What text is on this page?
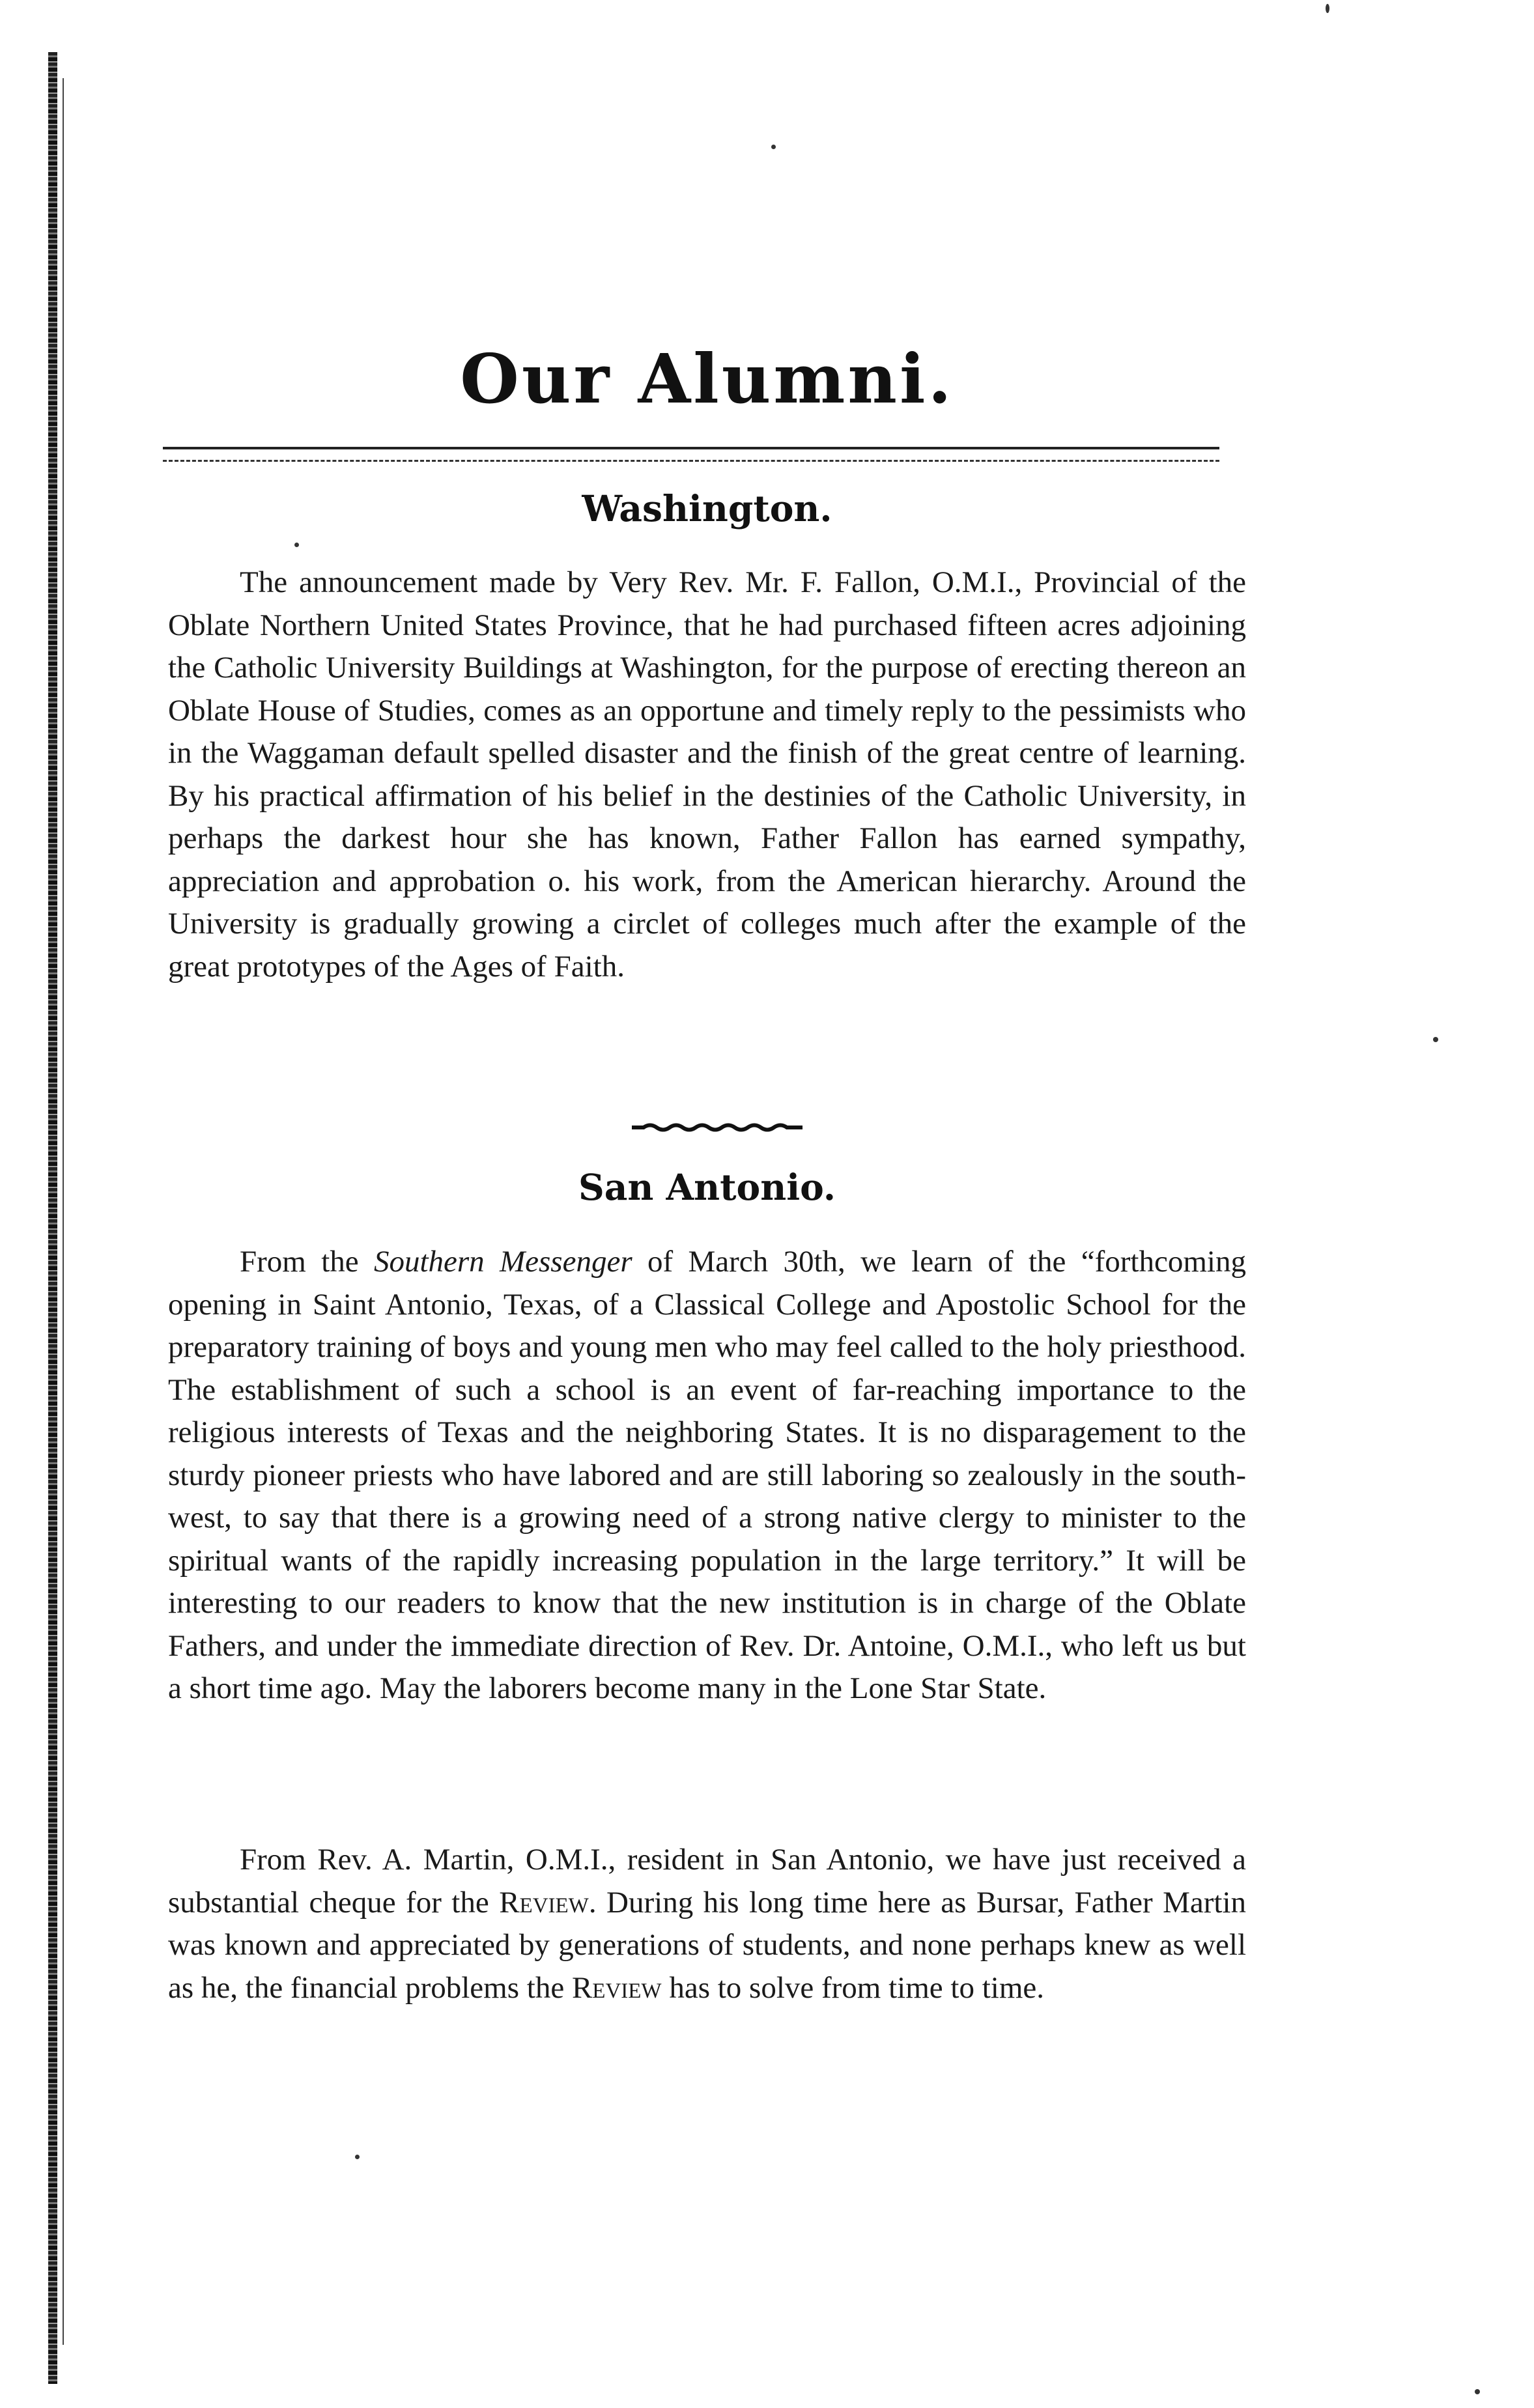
Our Alumni.
Washington.

The announcement made by Very Rev. Mr. F. Fallon, O.M.I., Provincial of the Oblate Northern United States Province, that he had purchased fifteen acres adjoining the Catholic University Buildings at Washington, for the purpose of erecting thereon an Oblate House of Studies, comes as an opportune and timely reply to the pessimists who in the Waggaman default spelled disaster and the finish of the great centre of learning. By his practical affirmation of his belief in the destinies of the Catholic University, in perhaps the darkest hour she has known, Father Fallon has earned sympathy, appreciation and approbation o. his work, from the American hierarchy. Around the University is gradually growing a circlet of colleges much after the example of the great prototypes of the Ages of Faith.

San Antonio.

From the Southern Messenger of March 30th, we learn of the “forthcoming opening in Saint Antonio, Texas, of a Classical College and Apostolic School for the preparatory training of boys and young men who may feel called to the holy priesthood. The establishment of such a school is an event of far-reaching importance to the religious interests of Texas and the neighboring States. It is no disparagement to the sturdy pioneer priests who have labored and are still laboring so zealously in the south-west, to say that there is a growing need of a strong native clergy to minister to the spiritual wants of the rapidly increasing population in the large territory.” It will be interesting to our readers to know that the new institution is in charge of the Oblate Fathers, and under the immediate direction of Rev. Dr. Antoine, O.M.I., who left us but a short time ago. May the laborers become many in the Lone Star State.

From Rev. A. Martin, O.M.I., resident in San Antonio, we have just received a substantial cheque for the Review. During his long time here as Bursar, Father Martin was known and appreciated by generations of students, and none perhaps knew as well as he, the financial problems the Review has to solve from time to time.
